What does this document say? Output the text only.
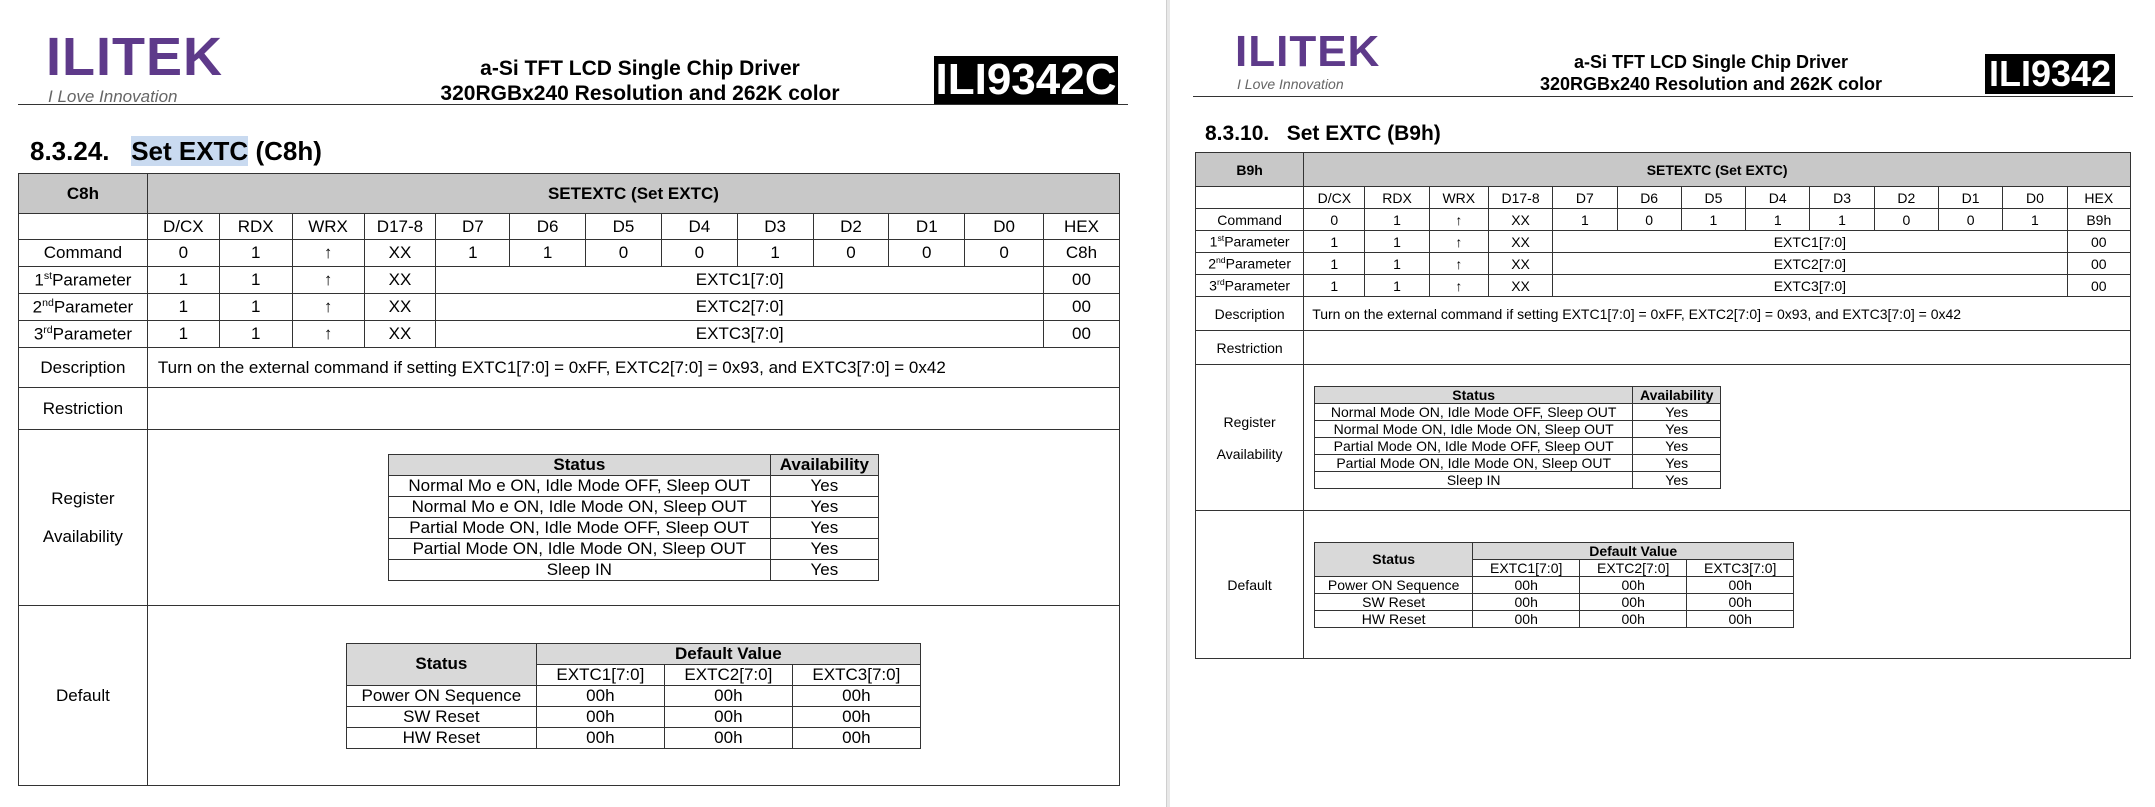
ILITEK
I Love Innovation
a-Si TFT LCD Single Chip Driver
320RGBx240 Resolution and 262K color	ILI9342C
8.3.24. Set EXTC (C8h)
C8h	SETEXTC (Set EXTC)

	D/CX	RDX	WRX	D17-8	D7	D6	D5	D4	D3	D2	D1	D0	HEX
Command	0	1	↑	XX	1	1	0	0	1	0	0	0	C8h
1stParameter	1	1	↑	XX	EXTC1[7:0]	00
2ndParameter	1	1	↑	XX	EXTC2[7:0]	00
3rdParameter	1	1	↑	XX	EXTC3[7:0]	00
Description	Turn on the external command if setting EXTC1[7:0] = 0xFF, EXTC2[7:0] = 0x93, and EXTC3[7:0] = 0x42
Restriction	

Register
Availability

Status	Availability
Normal Mo e ON, Idle Mode OFF, Sleep OUT	Yes
Normal Mo e ON, Idle Mode ON, Sleep OUT	Yes
Partial Mode ON, Idle Mode OFF, Sleep OUT	Yes
Partial Mode ON, Idle Mode ON, Sleep OUT	Yes
Sleep IN	Yes

Default	
Status	Default Value
EXTC1[7:0]	EXTC2[7:0]	EXTC3[7:0]
Power ON Sequence	00h	00h	00h
SW Reset	00h	00h	00h
HW Reset	00h	00h	00h
ILITEK
I Love Innovation
a-Si TFT LCD Single Chip Driver
320RGBx240 Resolution and 262K color	ILI9342
8.3.10. Set EXTC (B9h)
B9h	SETEXTC (Set EXTC)
	D/CX	RDX	WRX	D17-8	D7	D6	D5	D4	D3	D2	D1	D0	HEX
Command	0	1	↑	XX	1	0	1	1	1	0	0	1	B9h
1stParameter	1	1	↑	XX	EXTC1[7:0]	00
2ndParameter	1	1	↑	XX	EXTC2[7:0]	00
3rdParameter	1	1	↑	XX	EXTC3[7:0]	00
Description	Turn on the external command if setting EXTC1[7:0] = 0xFF, EXTC2[7:0] = 0x93, and EXTC3[7:0] = 0x42
Restriction	

Register
Availability

Status	Availability
Normal Mode ON, Idle Mode OFF, Sleep OUT	Yes
Normal Mode ON, Idle Mode ON, Sleep OUT	Yes
Partial Mode ON, Idle Mode OFF, Sleep OUT	Yes
Partial Mode ON, Idle Mode ON, Sleep OUT	Yes
Sleep IN	Yes

Default	
Status	Default Value
EXTC1[7:0]	EXTC2[7:0]	EXTC3[7:0]
Power ON Sequence	00h	00h	00h
SW Reset	00h	00h	00h
HW Reset	00h	00h	00h
